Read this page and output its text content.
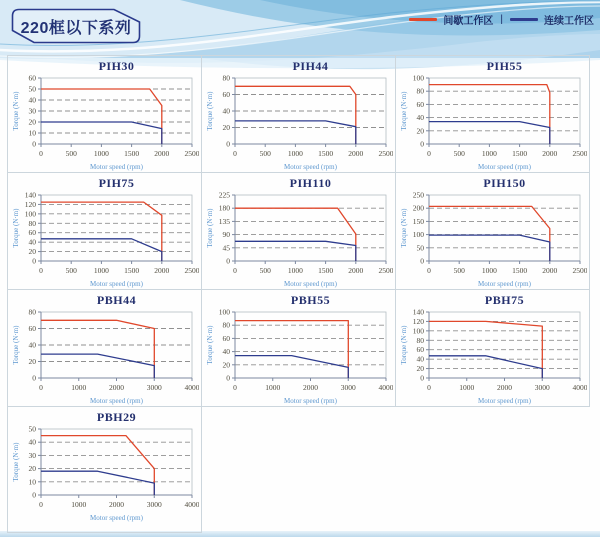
220框以下系列	间歇工作区 |	连续工作区
PIH30
0	500 1000 1500 2000 2500
0
10
20
30
40
50
60
Motor speed (rpm)
Torque (N·m)
PIH44
0	500 1000 1500 2000 2500
0
20
40
60
80
Motor speed (rpm)
Torque (N·m)
PIH55
0	500 1000 1500 2000 2500
0
20
40
60
80
100
Motor speed (rpm)
Torque (N·m)
PIH75
0	500 1000 1500 2000 2500
0
20
40
60
80
100
120
140
Motor speed (rpm)
Torque (N·m)
PIH110
0	500 1000 1500 2000 2500
0
45
90
135
180
225
Motor speed (rpm)
Torque (N·m)
PIH150
0	500 1000 1500 2000 2500
0
50
100
150
200
250
Motor speed (rpm)
Torque (N·m)
PBH44
0	1000	2000	3000	4000
0
20
40
60
80
Motor speed (rpm)
Torque (N·m)
PBH55
0	1000	2000	3000	4000
0
20
40
60
80
100
Motor speed (rpm)
Torque (N·m)
PBH75
0	1000	2000	3000	4000
0
20
40
60
80
100
120
140
Motor speed (rpm)
Torque (N·m)
PBH29
0	1000	2000	3000	4000
0
10
20
30
40
50
Motor speed (rpm)
Torque (N·m)
